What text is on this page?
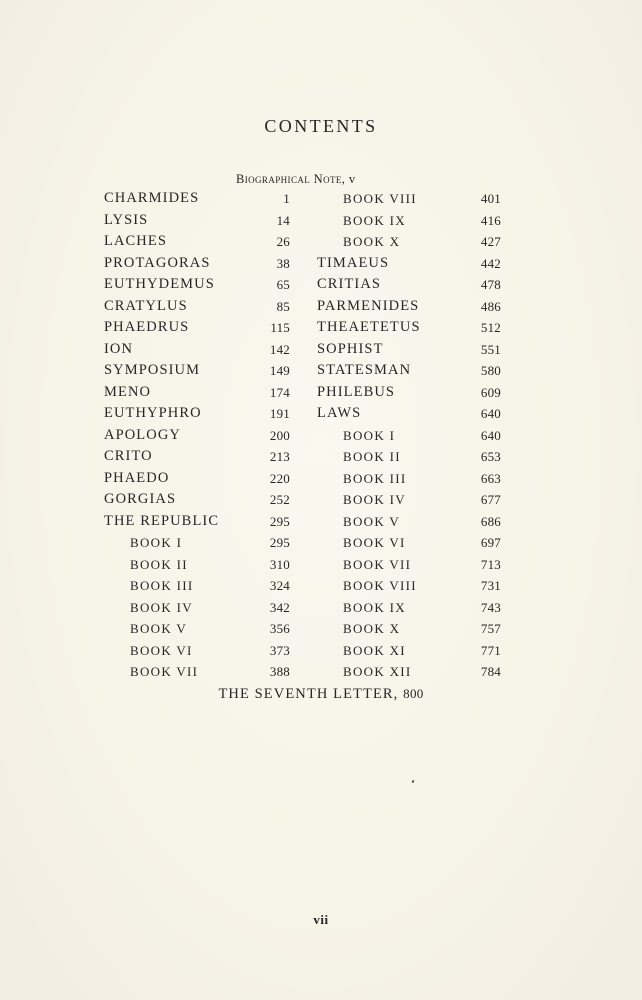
CONTENTS
Biographical Note, v
CHARMIDES	1
LYSIS	14
LACHES	26
PROTAGORAS	38
EUTHYDEMUS	65
CRATYLUS	85
PHAEDRUS	115
ION	142
SYMPOSIUM	149
MENO	174
EUTHYPHRO	191
APOLOGY	200
CRITO	213
PHAEDO	220
GORGIAS	252
THE REPUBLIC	295
BOOK I	295
BOOK II	310
BOOK III	324
BOOK IV	342
BOOK V	356
BOOK VI	373
BOOK VII	388
BOOK VIII	401
BOOK IX	416
BOOK X	427
TIMAEUS	442
CRITIAS	478
PARMENIDES	486
THEAETETUS	512
SOPHIST	551
STATESMAN	580
PHILEBUS	609
LAWS	640
BOOK I	640
BOOK II	653
BOOK III	663
BOOK IV	677
BOOK V	686
BOOK VI	697
BOOK VII	713
BOOK VIII	731
BOOK IX	743
BOOK X	757
BOOK XI	771
BOOK XII	784
THE SEVENTH LETTER, 800
vii
